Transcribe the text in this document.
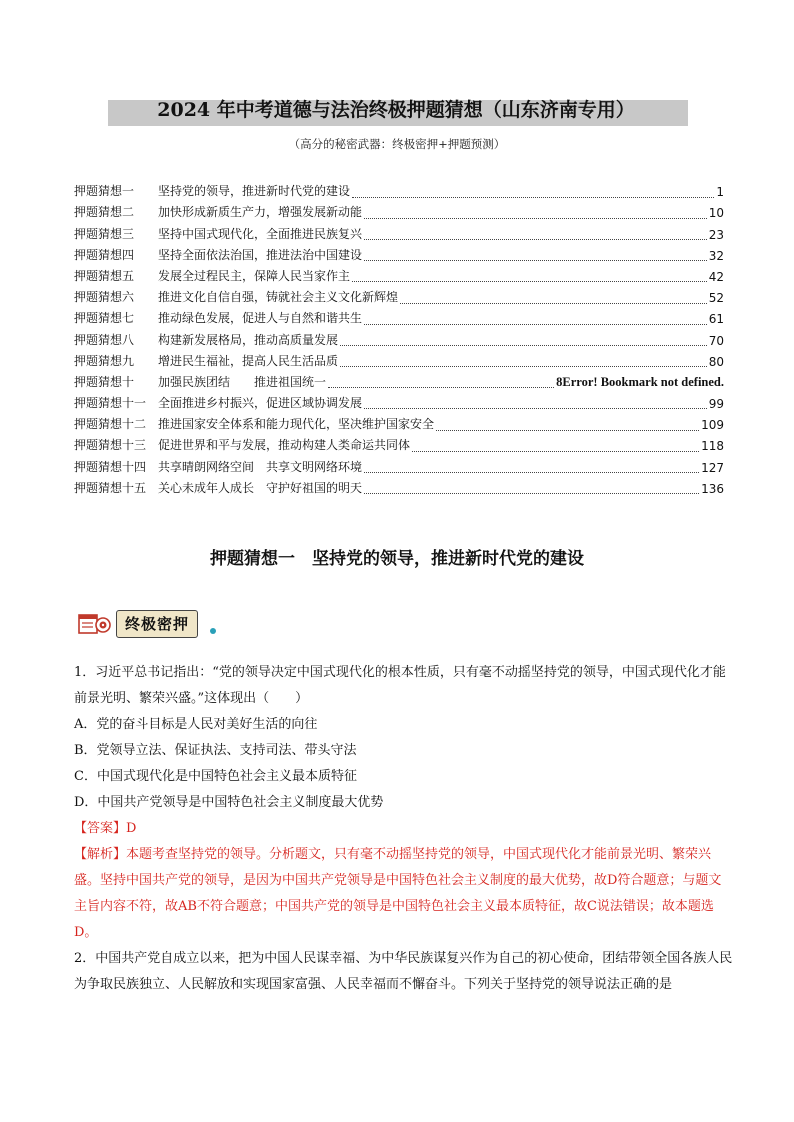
2024 年中考道德与法治终极押题猜想（山东济南专用）
（高分的秘密武器：终极密押+押题预测）
押题猜想一	坚持党的领导，推进新时代党的建设	1
押题猜想二	加快形成新质生产力，增强发展新动能	10
押题猜想三	坚持中国式现代化，全面推进民族复兴	23
押题猜想四	坚持全面依法治国，推进法治中国建设	32
押题猜想五	发展全过程民主，保障人民当家作主	42
押题猜想六	推进文化自信自强，铸就社会主义文化新辉煌	52
押题猜想七	推动绿色发展，促进人与自然和谐共生	61
押题猜想八	构建新发展格局，推动高质量发展	70
押题猜想九	增进民生福祉，提高人民生活品质	80
押题猜想十	加强民族团结　　推进祖国统一	8Error! Bookmark not defined.
押题猜想十一 全面推进乡村振兴，促进区域协调发展	99
押题猜想十二 推进国家安全体系和能力现代化，坚决维护国家安全	109
押题猜想十三 促进世界和平与发展，推动构建人类命运共同体	118
押题猜想十四 共享晴朗网络空间　共享文明网络环境	127
押题猜想十五 关心未成年人成长　守护好祖国的明天	136
押题猜想一　坚持党的领导，推进新时代党的建设
终极密押

1．习近平总书记指出：“党的领导决定中国式现代化的根本性质，只有毫不动摇坚持党的领导，中国式现代化才能前景光明、繁荣兴盛。”这体现出（　　）

A．党的奋斗目标是人民对美好生活的向往

B．党领导立法、保证执法、支持司法、带头守法

C．中国式现代化是中国特色社会主义最本质特征

D．中国共产党领导是中国特色社会主义制度最大优势

【答案】D

【解析】本题考查坚持党的领导。分析题文，只有毫不动摇坚持党的领导，中国式现代化才能前景光明、繁荣兴盛。坚持中国共产党的领导，是因为中国共产党领导是中国特色社会主义制度的最大优势，故D符合题意；与题文主旨内容不符，故AB不符合题意；中国共产党的领导是中国特色社会主义最本质特征，故C说法错误；故本题选D。

2．中国共产党自成立以来，把为中国人民谋幸福、为中华民族谋复兴作为自己的初心使命，团结带领全国各族人民为争取民族独立、人民解放和实现国家富强、人民幸福而不懈奋斗。下列关于坚持党的领导说法正确的是
